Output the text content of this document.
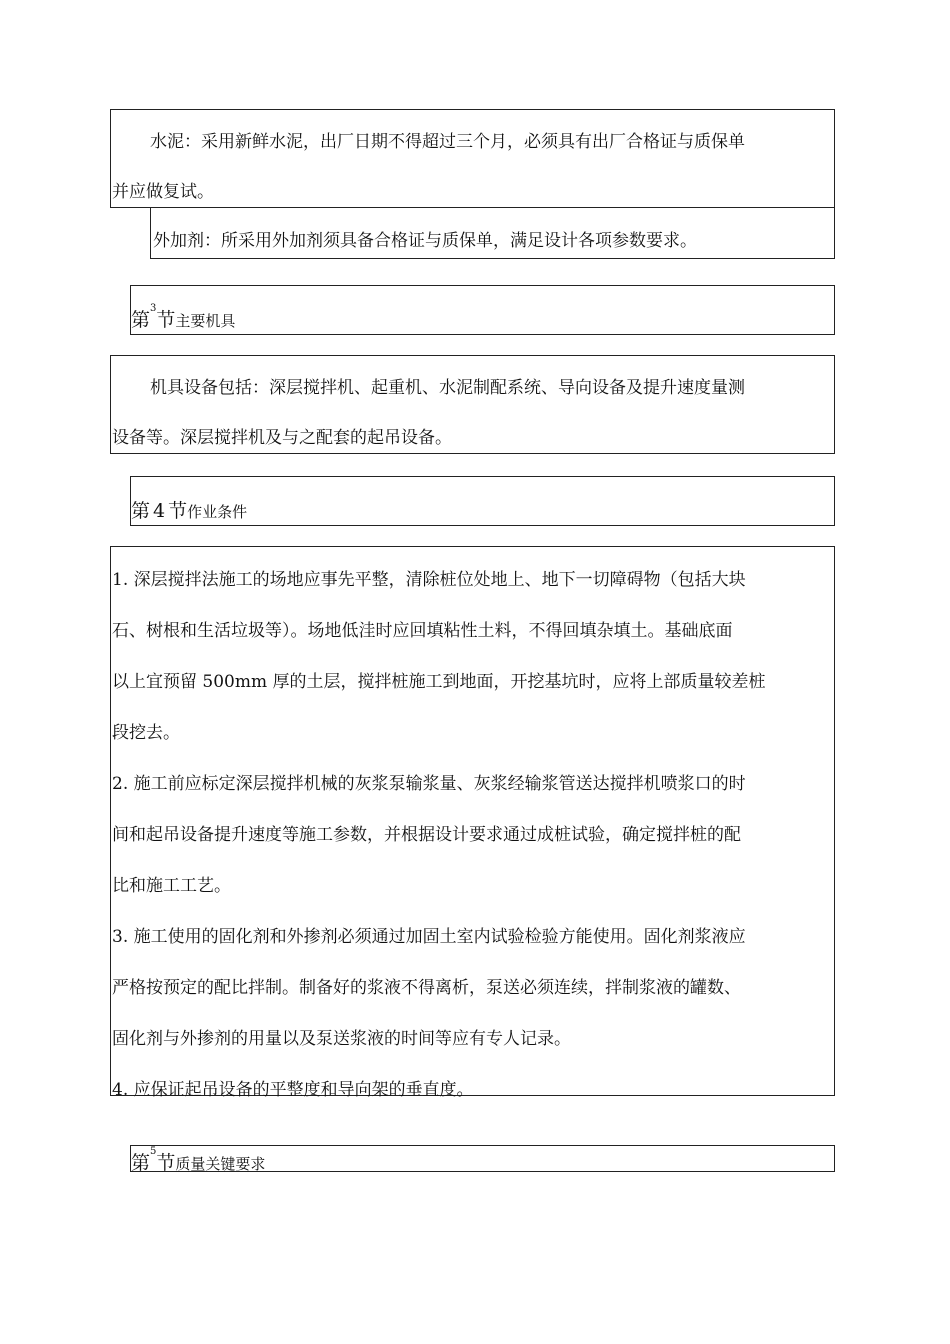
水泥：采用新鲜水泥，出厂日期不得超过三个月，必须具有出厂合格证与质保单

并应做复试。

外加剂：所采用外加剂须具备合格证与质保单，满足设计各项参数要求。

第$^3$节主要机具

机具设备包括：深层搅拌机、起重机、水泥制配系统、导向设备及提升速度量测

设备等。深层搅拌机及与之配套的起吊设备。

第 4 节作业条件
1. 深层搅拌法施工的场地应事先平整，清除桩位处地上、地下一切障碍物（包括大块
石、树根和生活垃圾等）。场地低洼时应回填粘性土料，不得回填杂填土。基础底面
以上宜预留 500mm 厚的土层，搅拌桩施工到地面，开挖基坑时，应将上部质量较差桩
段挖去。
2. 施工前应标定深层搅拌机械的灰浆泵输浆量、灰浆经输浆管送达搅拌机喷浆口的时
间和起吊设备提升速度等施工参数，并根据设计要求通过成桩试验，确定搅拌桩的配
比和施工工艺。
3. 施工使用的固化剂和外掺剂必须通过加固土室内试验检验方能使用。固化剂浆液应
严格按预定的配比拌制。制备好的浆液不得离析，泵送必须连续，拌制浆液的罐数、
固化剂与外掺剂的用量以及泵送浆液的时间等应有专人记录。
4. 应保证起吊设备的平整度和导向架的垂直度。
第$^5$节质量关键要求
